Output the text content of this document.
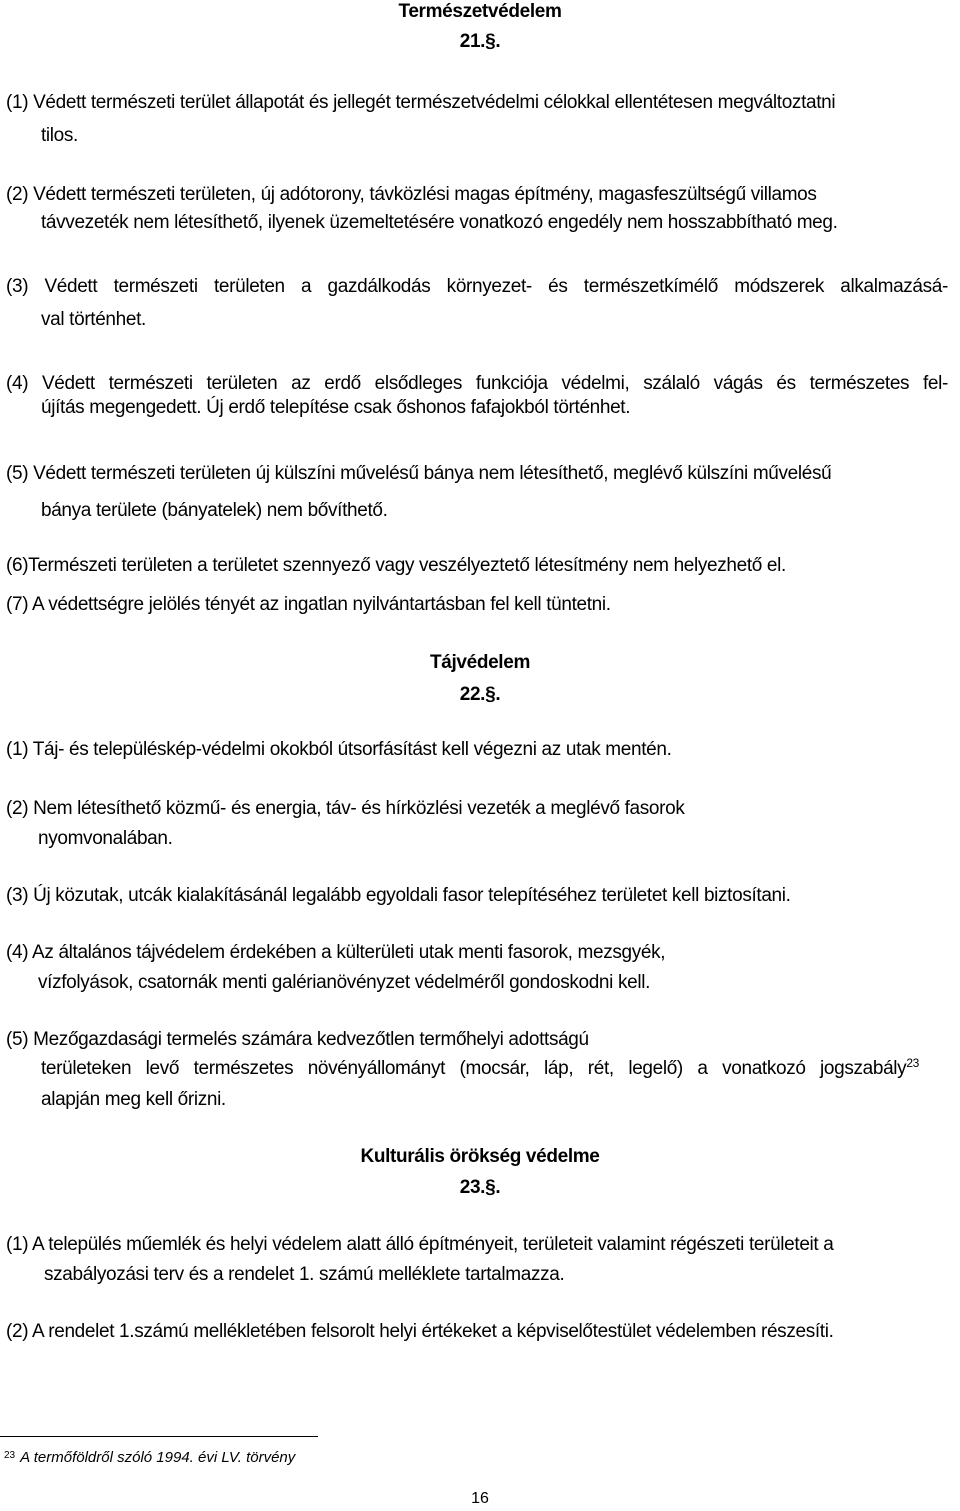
Természetvédelem
21.§.
(1) Védett természeti terület állapotát és jellegét természetvédelmi célokkal ellentétesen megváltoztatni
tilos.
(2) Védett természeti területen, új adótorony, távközlési magas építmény, magasfeszültségű villamos
távvezeték nem létesíthető, ilyenek üzemeltetésére vonatkozó engedély nem hosszabbítható meg.
(3) Védett természeti területen a gazdálkodás környezet- és természetkímélő módszerek alkalmazásá-
val történhet.
(4) Védett természeti területen az erdő elsődleges funkciója védelmi, szálaló vágás és természetes fel-
újítás megengedett. Új erdő telepítése csak őshonos fafajokból történhet.
(5) Védett természeti területen új külszíni művelésű bánya nem létesíthető, meglévő külszíni művelésű
bánya területe (bányatelek) nem bővíthető.
(6)Természeti területen a területet szennyező vagy veszélyeztető létesítmény nem helyezhető el.
(7) A védettségre jelölés tényét az ingatlan nyilvántartásban fel kell tüntetni.
Tájvédelem
22.§.
(1) Táj- és településkép-védelmi okokból útsorfásítást kell végezni az utak mentén.
(2) Nem létesíthető közmű- és energia, táv- és hírközlési vezeték a meglévő fasorok
nyomvonalában.
(3) Új közutak, utcák kialakításánál legalább egyoldali fasor telepítéséhez területet kell biztosítani.
(4) Az általános tájvédelem érdekében a külterületi utak menti fasorok, mezsgyék,
vízfolyások, csatornák menti galérianövényzet védelméről gondoskodni kell.
(5) Mezőgazdasági termelés számára kedvezőtlen termőhelyi adottságú
területeken levő természetes növényállományt (mocsár, láp, rét, legelő) a vonatkozó jogszabály$^{23}$
alapján meg kell őrizni.
Kulturális örökség védelme
23.§.
(1) A település műemlék és helyi védelem alatt álló építményeit, területeit valamint régészeti területeit a
szabályozási terv és a rendelet 1. számú melléklete tartalmazza.
(2) A rendelet 1.számú mellékletében felsorolt helyi értékeket a képviselőtestület védelemben részesíti.
$^{23}$ A termőföldről szóló 1994. évi LV. törvény
16
